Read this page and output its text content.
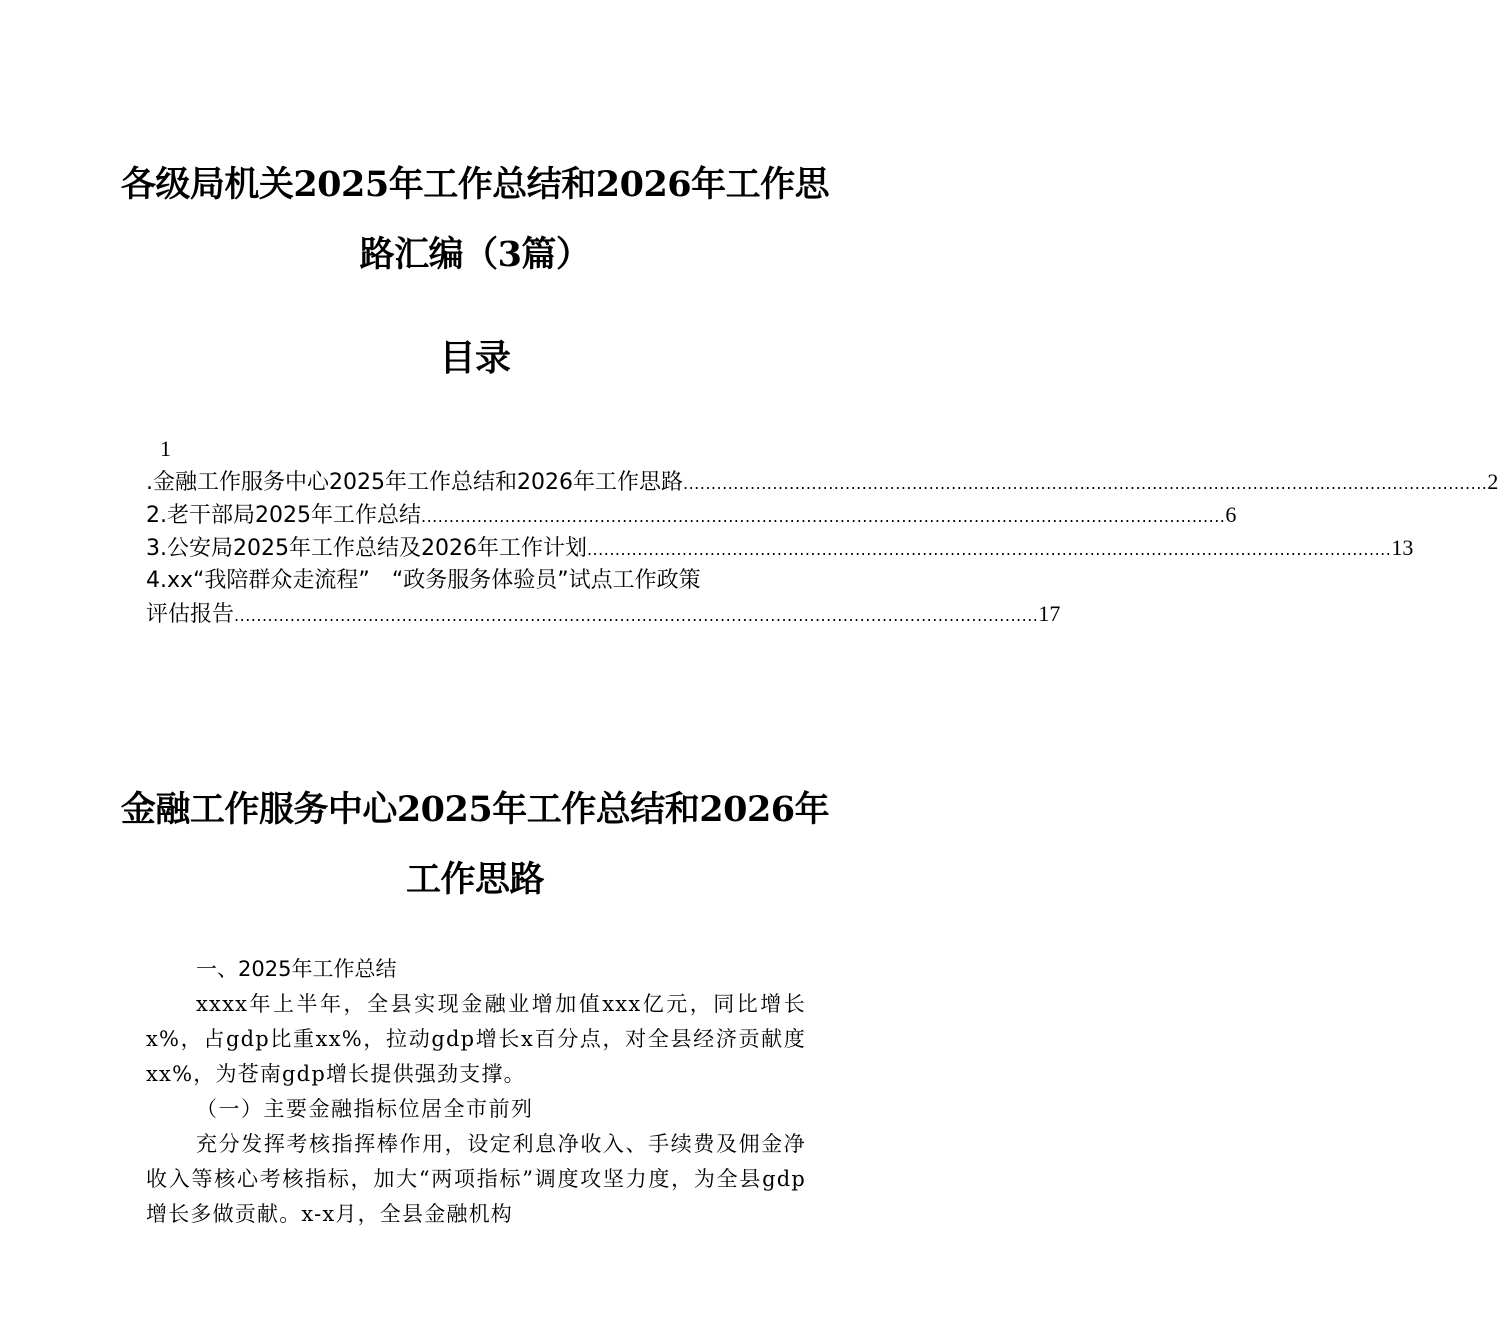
各级局机关2025年工作总结和2026年工作思路汇编（3篇）
目录
1
.金融工作服务中心2025年工作总结和2026年工作思路 ................................................................................................................................................ 2
2.老干部局2025年工作总结 ................................................................................................................................................ 6
3.公安局2025年工作总结及2026年工作计划 ................................................................................................................................................ 13
4.xx“我陪群众走流程”　“政务服务体验员”试点工作政策
评估报告 ................................................................................................................................................ 17
金融工作服务中心2025年工作总结和2026年工作思路
一、2025年工作总结

xxxx年上半年，全县实现金融业增加值xxx亿元，同比增长x%，占gdp比重xx%，拉动gdp增长x百分点，对全县经济贡献度xx%，为苍南gdp增长提供强劲支撑。

（一）主要金融指标位居全市前列

充分发挥考核指挥棒作用，设定利息净收入、手续费及佣金净收入等核心考核指标，加大“两项指标”调度攻坚力度，为全县gdp增长多做贡献。x-x月，全县金融机构
